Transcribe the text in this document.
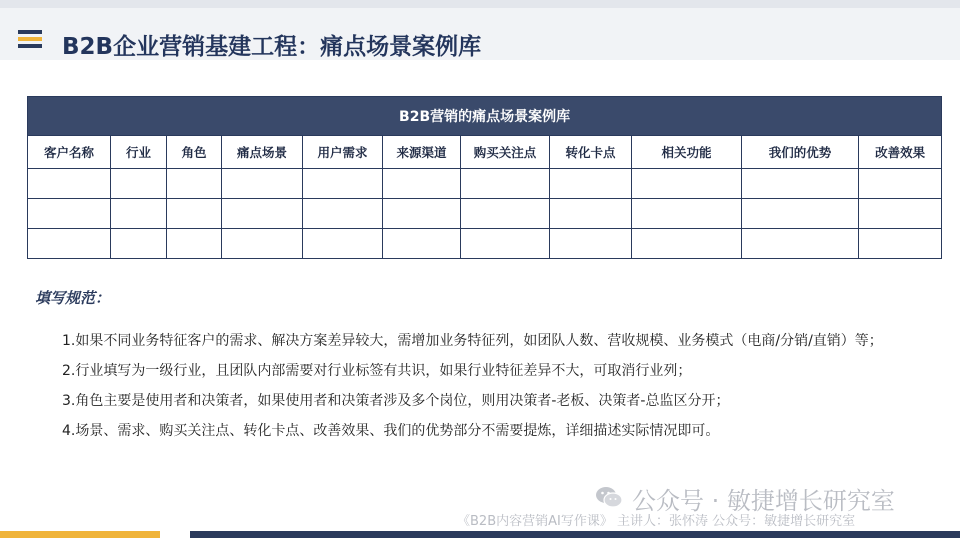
B2B企业营销基建工程：痛点场景案例库
B2B营销的痛点场景案例库										
客户名称	行业	角色	痛点场景	用户需求	来源渠道	购买关注点	转化卡点	相关功能	我们的优势	改善效果

填写规范：

1.如果不同业务特征客户的需求、解决方案差异较大，需增加业务特征列，如团队人数、营收规模、业务模式（电商/分销/直销）等；

2.行业填写为一级行业，且团队内部需要对行业标签有共识，如果行业特征差异不大，可取消行业列；

3.角色主要是使用者和决策者，如果使用者和决策者涉及多个岗位，则用决策者-老板、决策者-总监区分开；

4.场景、需求、购买关注点、转化卡点、改善效果、我们的优势部分不需要提炼，详细描述实际情况即可。

公众号 · 敏捷增长研究室
《B2B内容营销AI写作课》 主讲人：张怀涛 公众号：敏捷增长研究室
